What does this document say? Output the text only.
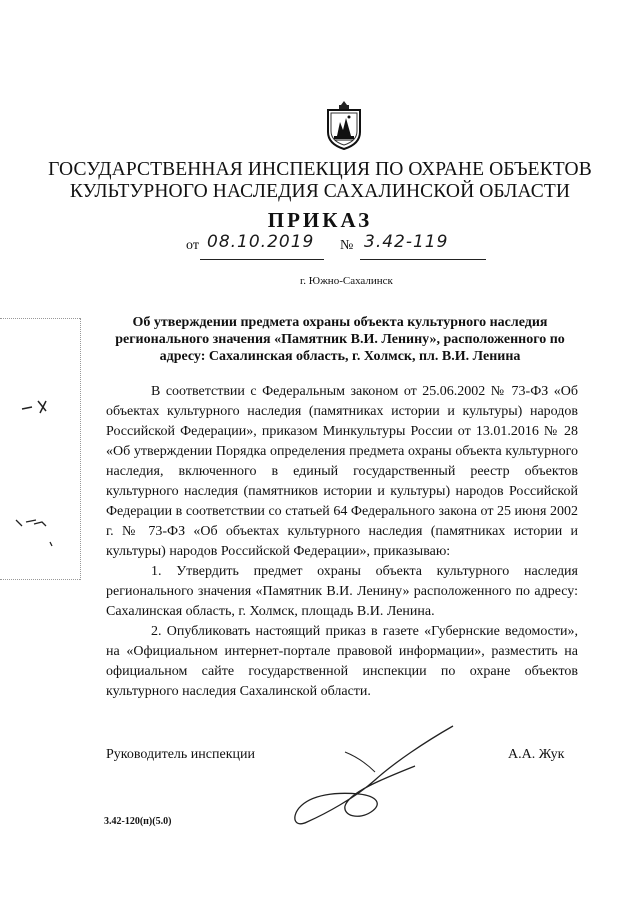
ГОСУДАРСТВЕННАЯ ИНСПЕКЦИЯ ПО ОХРАНЕ ОБЪЕКТОВ
КУЛЬТУРНОГО НАСЛЕДИЯ САХАЛИНСКОЙ ОБЛАСТИ
ПРИКАЗ
от 08.10.2019 № 3.42-119
г. Южно-Сахалинск
Об утверждении предмета охраны объекта культурного наследия регионального значения «Памятник В.И. Ленину», расположенного по адресу: Сахалинская область, г. Холмск, пл. В.И. Ленина

В соответствии с Федеральным законом от 25.06.2002 № 73-ФЗ «Об объектах культурного наследия (памятниках истории и культуры) народов Российской Федерации», приказом Минкультуры России от 13.01.2016 № 28 «Об утверждении Порядка определения предмета охраны объекта культурного наследия, включенного в единый государственный реестр объектов культурного наследия (памятников истории и культуры) народов Российской Федерации в соответствии со статьей 64 Федерального закона от 25 июня 2002 г. № 73-ФЗ «Об объектах культурного наследия (памятниках истории и культуры) народов Российской Федерации», приказываю:

1. Утвердить предмет охраны объекта культурного наследия регионального значения «Памятник В.И. Ленину» расположенного по адресу: Сахалинская область, г. Холмск, площадь В.И. Ленина.

2. Опубликовать настоящий приказ в газете «Губернские ведомости», на «Официальном интернет-портале правовой информации», разместить на официальном сайте государственной инспекции по охране объектов культурного наследия Сахалинской области.

Руководитель инспекции	А.А. Жук
3.42-120(п)(5.0)
